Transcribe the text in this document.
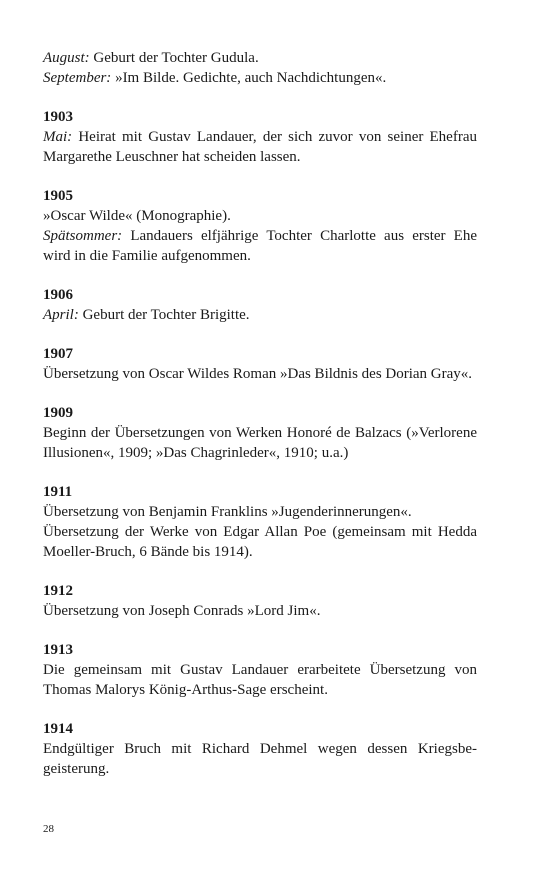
August: Geburt der Tochter Gudula.
September: »Im Bilde. Gedichte, auch Nachdichtungen«.
1903
Mai: Heirat mit Gustav Landauer, der sich zuvor von seiner Ehefrau Margarethe Leuschner hat scheiden lassen.
1905
»Oscar Wilde« (Monographie).
Spätsommer: Landauers elfjährige Tochter Charlotte aus erster Ehe wird in die Familie aufgenommen.
1906
April: Geburt der Tochter Brigitte.
1907
Übersetzung von Oscar Wildes Roman »Das Bildnis des Dorian Gray«.
1909
Beginn der Übersetzungen von Werken Honoré de Balzacs (»Verlorene Illusionen«, 1909; »Das Chagrinleder«, 1910; u.a.)
1911
Übersetzung von Benjamin Franklins »Jugenderinnerungen«.
Übersetzung der Werke von Edgar Allan Poe (gemeinsam mit Hedda Moeller-Bruch, 6 Bände bis 1914).
1912
Übersetzung von Joseph Conrads »Lord Jim«.
1913
Die gemeinsam mit Gustav Landauer erarbeitete Übersetzung von Thomas Malorys König-Arthus-Sage erscheint.
1914
Endgültiger Bruch mit Richard Dehmel wegen dessen Kriegsbe-geisterung.
28
